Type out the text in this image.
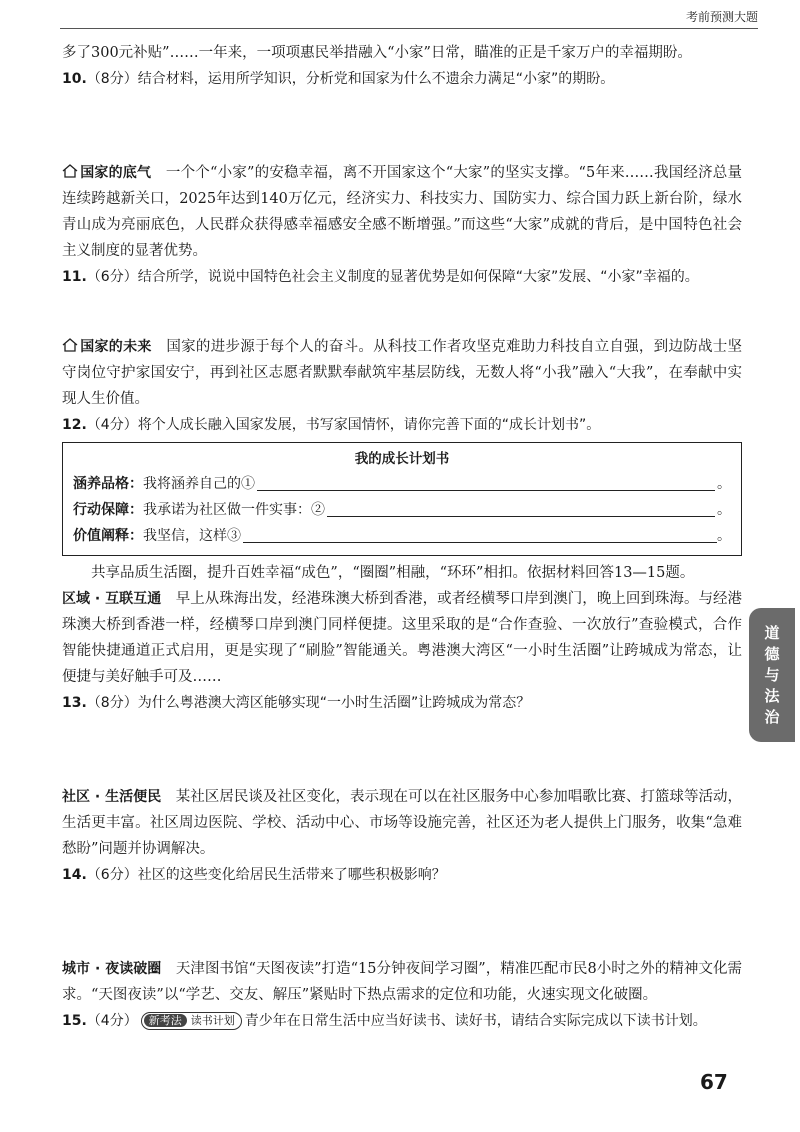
考前预测大题

多了300元补贴”……一年来，一项项惠民举措融入“小家”日常，瞄准的正是千家万户的幸福期盼。

10.（8分）结合材料，运用所学知识，分析党和国家为什么不遗余力满足“小家”的期盼。

国家的底气　 一个个“小家”的安稳幸福，离不开国家这个“大家”的坚实支撑。“5年来……我国经济总量连续跨越新关口，2025年达到140万亿元，经济实力、科技实力、国防实力、综合国力跃上新台阶，绿水青山成为亮丽底色，人民群众获得感幸福感安全感不断增强。”而这些“大家”成就的背后，是中国特色社会主义制度的显著优势。

11.（6分）结合所学，说说中国特色社会主义制度的显著优势是如何保障“大家”发展、“小家”幸福的。

国家的未来　 国家的进步源于每个人的奋斗。从科技工作者攻坚克难助力科技自立自强，到边防战士坚守岗位守护家国安宁，再到社区志愿者默默奉献筑牢基层防线，无数人将“小我”融入“大我”，在奉献中实现人生价值。

12.（4分）将个人成长融入国家发展，书写家国情怀，请你完善下面的“成长计划书”。
我的成长计划书
涵养品格： 我将涵养自己的①	。
行动保障： 我承诺为社区做一件实事：②	。
价值阐释： 我坚信，这样③	。

共享品质生活圈，提升百姓幸福“成色”，“圈圈”相融，“环环”相扣。依据材料回答13—15题。

区域 · 互联互通　 早上从珠海出发，经港珠澳大桥到香港，或者经横琴口岸到澳门，晚上回到珠海。与经港珠澳大桥到香港一样，经横琴口岸到澳门同样便捷。这里采取的是“合作查验、一次放行”查验模式，合作智能快捷通道正式启用，更是实现了“刷脸”智能通关。粤港澳大湾区“一小时生活圈”让跨城成为常态，让便捷与美好触手可及……

13.（8分）为什么粤港澳大湾区能够实现“一小时生活圈”让跨城成为常态？

社区 · 生活便民　 某社区居民谈及社区变化，表示现在可以在社区服务中心参加唱歌比赛、打篮球等活动，生活更丰富。社区周边医院、学校、活动中心、市场等设施完善，社区还为老人提供上门服务，收集“急难愁盼”问题并协调解决。

14.（6分）社区的这些变化给居民生活带来了哪些积极影响？

城市 · 夜读破圈　 天津图书馆“天图夜读”打造“15分钟夜间学习圈”，精准匹配市民8小时之外的精神文化需求。“天图夜读”以“学艺、交友、解压”紧贴时下热点需求的定位和功能，火速实现文化破圈。

15.（4分） 新考法 读书计划 青少年在日常生活中应当好读书、读好书，请结合实际完成以下读书计划。
道
德
与
法
治
67
